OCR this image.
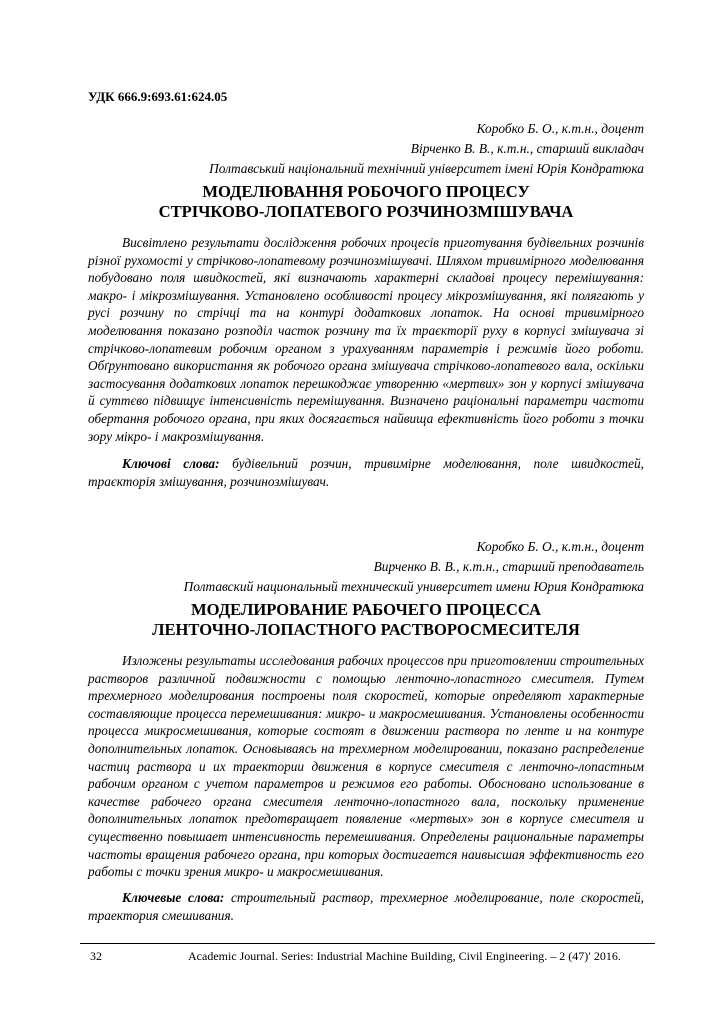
УДК 666.9:693.61:624.05
Коробко Б. О., к.т.н., доцент
Вірченко В. В., к.т.н., старший викладач
Полтавський національний технічний університет імені Юрія Кондратюка
МОДЕЛЮВАННЯ РОБОЧОГО ПРОЦЕСУ
СТРІЧКОВО-ЛОПАТЕВОГО РОЗЧИНОЗМІШУВАЧА

Висвітлено результати дослідження робочих процесів приготування будівельних розчинів різної рухомості у стрічково-лопатевому розчинозмішувачі. Шляхом тривимірного моделювання побудовано поля швидкостей, які визначають характерні складові процесу перемішування: макро- і мікрозмішування. Установлено особливості процесу мікрозмішування, які полягають у русі розчину по стрічці та на контурі додаткових лопаток. На основі тривимірного моделювання показано розподіл часток розчину та їх траєкторії руху в корпусі змішувача зі стрічково-лопатевим робочим органом з урахуванням параметрів і режимів його роботи. Обґрунтовано використання як робочого органа змішувача стрічково-лопатевого вала, оскільки застосування додаткових лопаток перешкоджає утворенню «мертвих» зон у корпусі змішувача й суттєво підвищує інтенсивність перемішування. Визначено раціональні параметри частоти обертання робочого органа, при яких досягається найвища ефективність його роботи з точки зору мікро- і макрозмішування.

Ключові слова: будівельний розчин, тривимірне моделювання, поле швидкостей, траєкторія змішування, розчинозмішувач.

Коробко Б. О., к.т.н., доцент
Вирченко В. В., к.т.н., старший преподаватель
Полтавский национальный технический университет имени Юрия Кондратюка
МОДЕЛИРОВАНИЕ РАБОЧЕГО ПРОЦЕССА
ЛЕНТОЧНО-ЛОПАСТНОГО РАСТВОРОСМЕСИТЕЛЯ

Изложены результаты исследования рабочих процессов при приготовлении строительных растворов различной подвижности с помощью ленточно-лопастного смесителя. Путем трехмерного моделирования построены поля скоростей, которые определяют характерные составляющие процесса перемешивания: микро- и макросмешивания. Установлены особенности процесса микросмешивания, которые состоят в движении раствора по ленте и на контуре дополнительных лопаток. Основываясь на трехмерном моделировании, показано распределение частиц раствора и их траектории движения в корпусе смесителя с ленточно-лопастным рабочим органом с учетом параметров и режимов его работы. Обосновано использование в качестве рабочего органа смесителя ленточно-лопастного вала, поскольку применение дополнительных лопаток предотвращает появление «мертвых» зон в корпусе смесителя и существенно повышает интенсивность перемешивания. Определены рациональные параметры частоты вращения рабочего органа, при которых достигается наивысшая эффективность его работы с точки зрения микро- и макросмешивания.

Ключевые слова: строительный раствор, трехмерное моделирование, поле скоростей, траектория смешивания.

32	Academic Journal. Series: Industrial Machine Building, Civil Engineering. – 2 (47)′ 2016.
